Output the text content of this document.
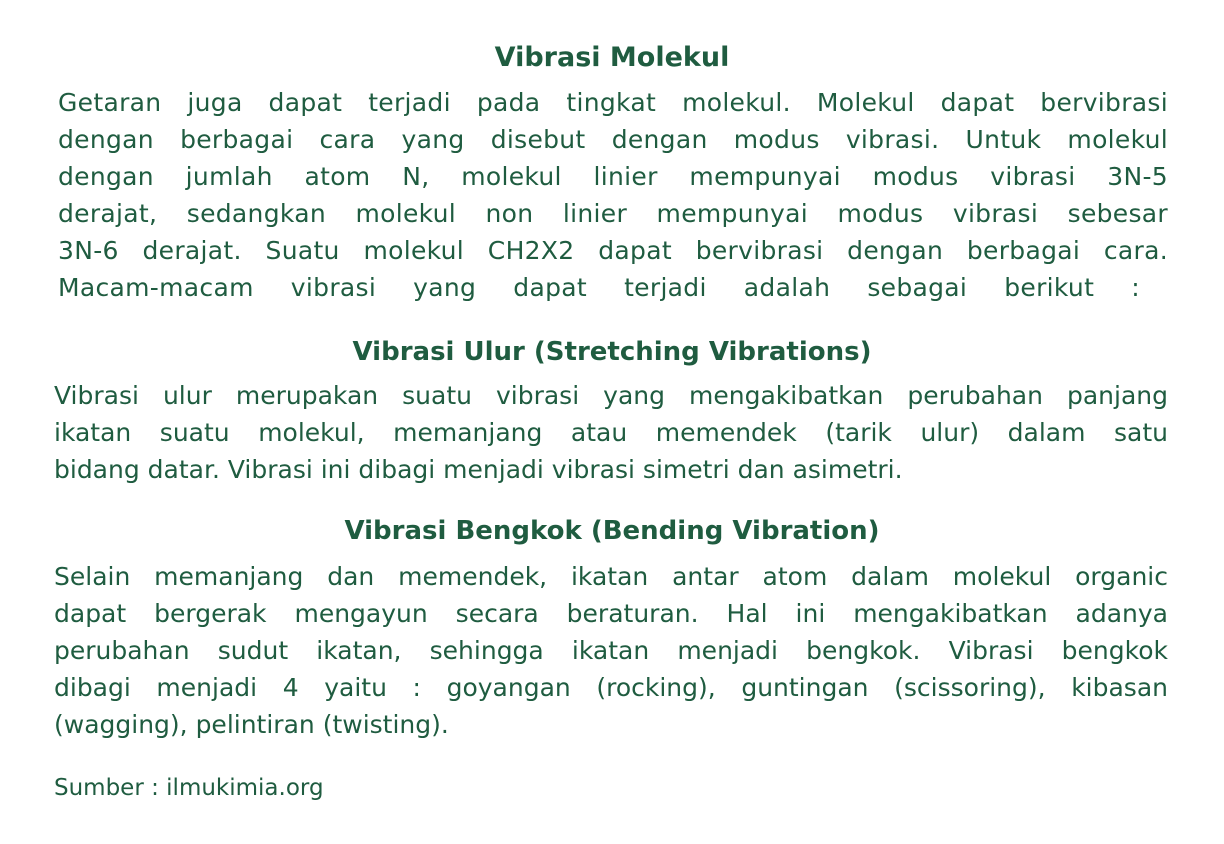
Vibrasi Molekul

Getaran juga dapat terjadi pada tingkat molekul. Molekul dapat bervibrasi
dengan berbagai cara yang disebut dengan modus vibrasi. Untuk molekul
dengan jumlah atom N, molekul linier mempunyai modus vibrasi 3N-5
derajat, sedangkan molekul non linier mempunyai modus vibrasi sebesar
3N-6 derajat. Suatu molekul CH2X2 dapat bervibrasi dengan berbagai cara.
Macam-macam vibrasi yang dapat terjadi adalah sebagai berikut :

Vibrasi Ulur (Stretching Vibrations)

Vibrasi ulur merupakan suatu vibrasi yang mengakibatkan perubahan panjang
ikatan suatu molekul, memanjang atau memendek (tarik ulur) dalam satu
bidang datar. Vibrasi ini dibagi menjadi vibrasi simetri dan asimetri.

Vibrasi Bengkok (Bending Vibration)

Selain memanjang dan memendek, ikatan antar atom dalam molekul organic
dapat bergerak mengayun secara beraturan. Hal ini mengakibatkan adanya
perubahan sudut ikatan, sehingga ikatan menjadi bengkok. Vibrasi bengkok
dibagi menjadi 4 yaitu : goyangan (rocking), guntingan (scissoring), kibasan
(wagging), pelintiran (twisting).

Sumber : ilmukimia.org
